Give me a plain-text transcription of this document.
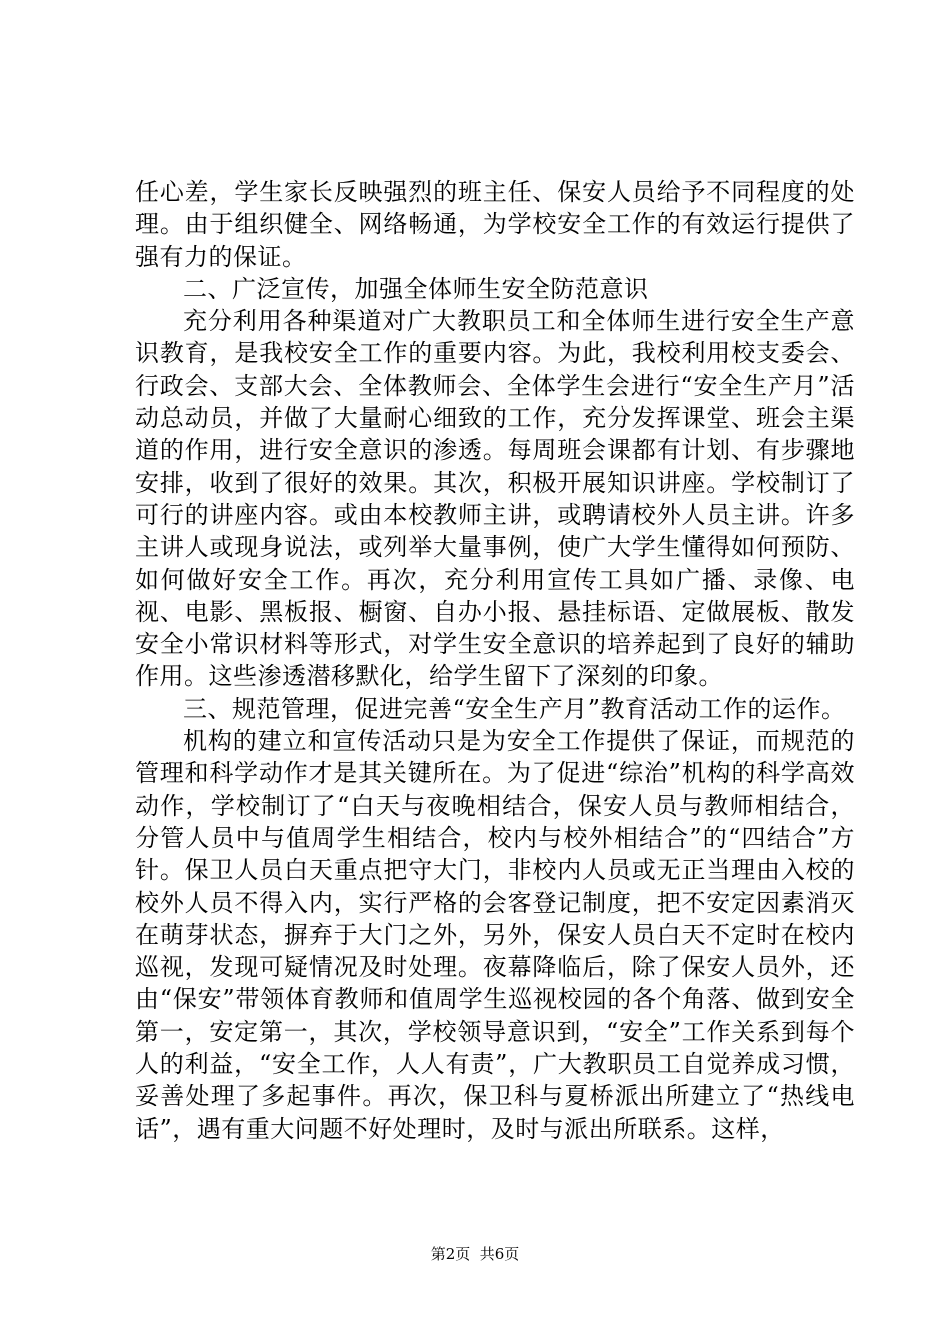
任心差，学生家长反映强烈的班主任、保安人员给予不同程度的处理。由于组织健全、网络畅通，为学校安全工作的有效运行提供了强有力的保证。

二、广泛宣传，加强全体师生安全防范意识

充分利用各种渠道对广大教职员工和全体师生进行安全生产意识教育，是我校安全工作的重要内容。为此，我校利用校支委会、行政会、支部大会、全体教师会、全体学生会进行“安全生产月”活动总动员，并做了大量耐心细致的工作，充分发挥课堂、班会主渠道的作用，进行安全意识的渗透。每周班会课都有计划、有步骤地安排，收到了很好的效果。其次，积极开展知识讲座。学校制订了可行的讲座内容。或由本校教师主讲，或聘请校外人员主讲。许多主讲人或现身说法，或列举大量事例，使广大学生懂得如何预防、如何做好安全工作。再次，充分利用宣传工具如广播、录像、电视、电影、黑板报、橱窗、自办小报、悬挂标语、定做展板、散发安全小常识材料等形式，对学生安全意识的培养起到了良好的辅助作用。这些渗透潜移默化，给学生留下了深刻的印象。

三、规范管理，促进完善“安全生产月”教育活动工作的运作。

机构的建立和宣传活动只是为安全工作提供了保证，而规范的管理和科学动作才是其关键所在。为了促进“综治”机构的科学高效动作，学校制订了“白天与夜晚相结合，保安人员与教师相结合，分管人员中与值周学生相结合，校内与校外相结合”的“四结合”方针。保卫人员白天重点把守大门，非校内人员或无正当理由入校的校外人员不得入内，实行严格的会客登记制度，把不安定因素消灭在萌芽状态，摒弃于大门之外，另外，保安人员白天不定时在校内巡视，发现可疑情况及时处理。夜幕降临后，除了保安人员外，还由“保安”带领体育教师和值周学生巡视校园的各个角落、做到安全第一，安定第一，其次，学校领导意识到，“安全”工作关系到每个人的利益，“安全工作，人人有责”，广大教职员工自觉养成习惯，妥善处理了多起事件。再次，保卫科与夏桥派出所建立了“热线电话”，遇有重大问题不好处理时，及时与派出所联系。这样，

第2页  共6页
